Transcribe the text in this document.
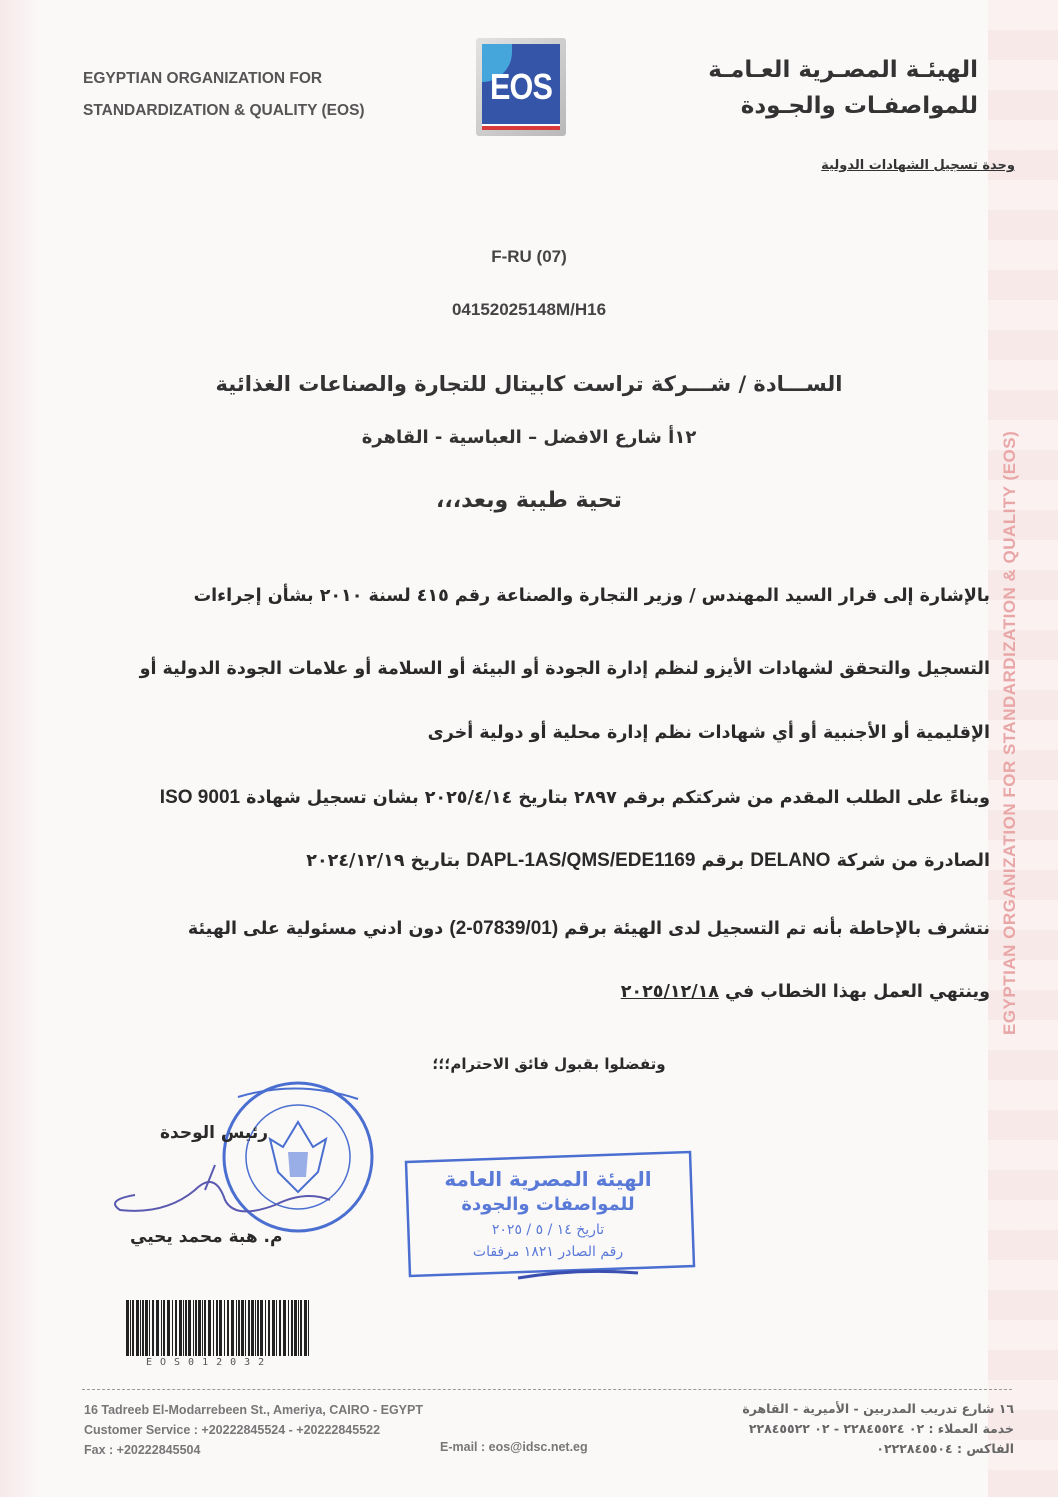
EGYPTIAN ORGANIZATION FOR STANDARDIZATION & QUALITY (EOS)
EGYPTIAN ORGANIZATION FOR
STANDARDIZATION & QUALITY (EOS)
EOS	الهيئـة المصـرية العـامـة
للمواصفـات والجـودة
وحدة تسجيل الشهادات الدولية
F-RU (07)
04152025148M/H16
الســـادة / شـــركة تراست كابيتال للتجارة والصناعات الغذائية
١٢أ شارع الافضل – العباسية - القاهرة
تحية طيبة وبعد،،،
بالإشارة إلى قرار السيد المهندس / وزير التجارة والصناعة رقم ٤١٥ لسنة ٢٠١٠ بشأن إجراءات
التسجيل والتحقق لشهادات الأيزو لنظم إدارة الجودة أو البيئة أو السلامة أو علامات الجودة الدولية أو
الإقليمية أو الأجنبية أو أي شهادات نظم إدارة محلية أو دولية أخرى
وبناءً على الطلب المقدم من شركتكم برقم ٢٨٩٧ بتاريخ ٢٠٢٥/٤/١٤ بشان تسجيل شهادة ISO 9001
الصادرة من شركة DELANO برقم DAPL-1AS/QMS/EDE1169 بتاريخ ٢٠٢٤/١٢/١٩
نتشرف بالإحاطة بأنه تم التسجيل لدى الهيئة برقم (07839/01-2) دون ادني مسئولية على الهيئة
وينتهي العمل بهذا الخطاب في ٢٠٢٥/١٢/١٨
وتفضلوا بقبول فائق الاحترام؛؛؛
رئيس الوحدة
م. هبة محمد يحيي
الهيئة المصرية العامة
للمواصفات والجودة
تاريخ ١٤ / ٥ / ٢٠٢٥
رقم الصادر ١٨٢١ مرفقات
EOS012032
16 Tadreeb El-Modarrebeen St., Ameriya, CAIRO - EGYPT
Customer Service : +20222845524 - +20222845522
Fax : +20222845504	E-mail : eos@idsc.net.eg
١٦ شارع تدريب المدربين - الأميرية - القاهرة
خدمة العملاء : ٠٢ ٢٢٨٤٥٥٢٤ - ٠٢ ٢٢٨٤٥٥٢٢
الفاكس : ٠٢٢٢٨٤٥٥٠٤
